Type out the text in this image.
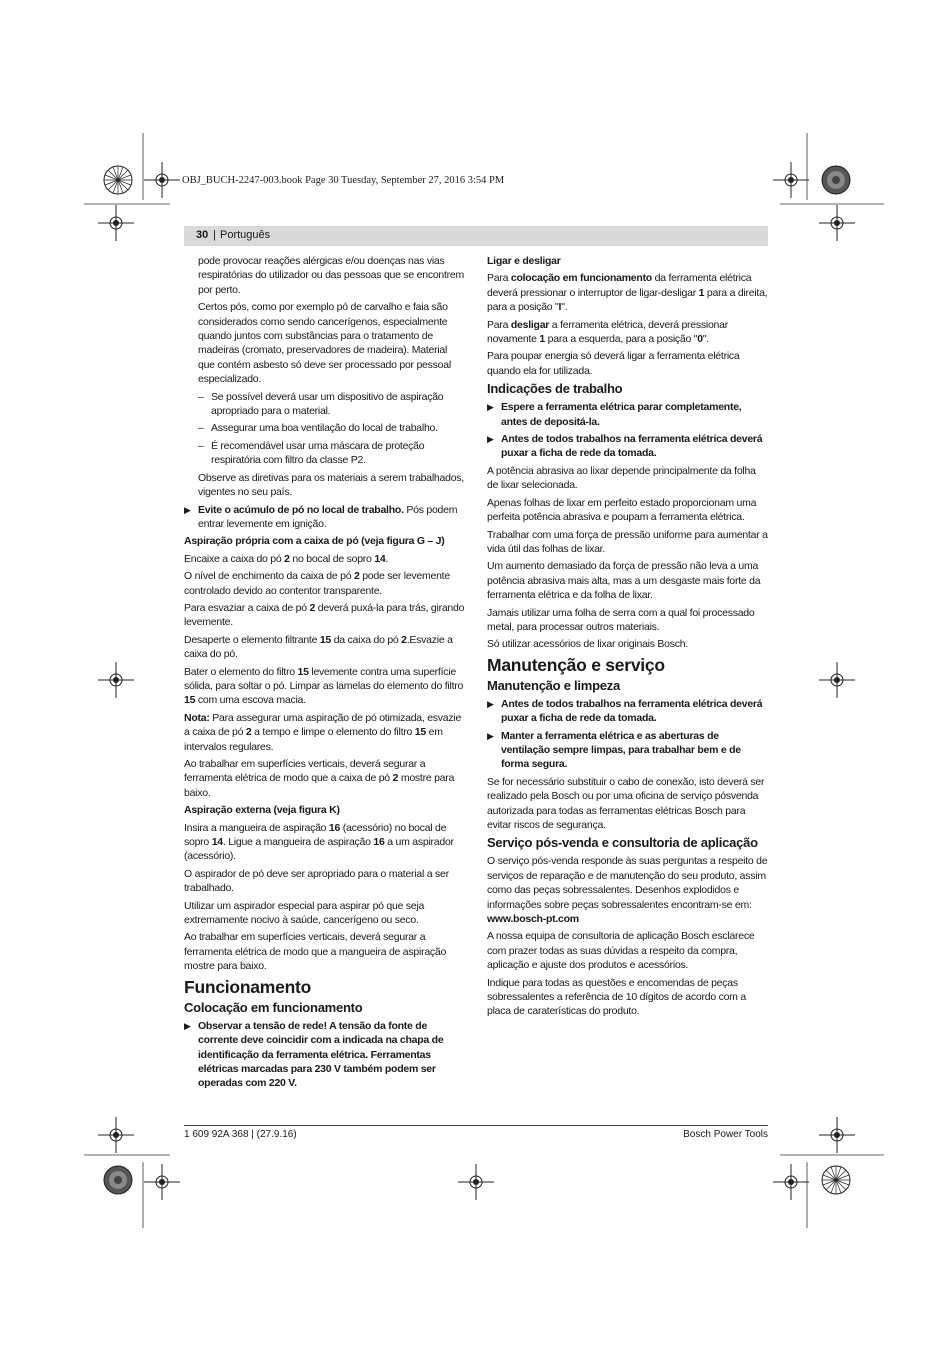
OBJ_BUCH-2247-003.book Page 30 Tuesday, September 27, 2016 3:54 PM
30 | Português

pode provocar reações alérgicas e/ou doenças nas vias respiratórias do utilizador ou das pessoas que se encontrem por perto.

Certos pós, como por exemplo pó de carvalho e faia são considerados como sendo cancerígenos, especialmente quando juntos com substâncias para o tratamento de madeiras (cromato, preservadores de madeira). Material que contém asbesto só deve ser processado por pessoal especializado.

– Se possível deverá usar um dispositivo de aspiração apropriado para o material.

– Assegurar uma boa ventilação do local de trabalho.

– É recomendável usar uma máscara de proteção respiratória com filtro da classe P2.

Observe as diretivas para os materiais a serem trabalhados, vigentes no seu país.

▶ Evite o acúmulo de pó no local de trabalho. Pós podem entrar levemente em ignição.

Aspiração própria com a caixa de pó (veja figura G – J)

Encaixe a caixa do pó 2 no bocal de sopro 14.

O nível de enchimento da caixa de pó 2 pode ser levemente controlado devido ao contentor transparente.

Para esvaziar a caixa de pó 2 deverá puxá-la para trás, girando levemente.

Desaperte o elemento filtrante 15 da caixa do pó 2.Esvazie a caixa do pó.

Bater o elemento do filtro 15 levemente contra uma superfície sólida, para soltar o pó. Limpar as lamelas do elemento do filtro 15 com uma escova macia.

Nota: Para assegurar uma aspiração de pó otimizada, esvazie a caixa de pó 2 a tempo e limpe o elemento do filtro 15 em intervalos regulares.

Ao trabalhar em superfícies verticais, deverá segurar a ferramenta elétrica de modo que a caixa de pó 2 mostre para baixo.

Aspiração externa (veja figura K)

Insira a mangueira de aspiração 16 (acessório) no bocal de sopro 14. Ligue a mangueira de aspiração 16 a um aspirador (acessório).

O aspirador de pó deve ser apropriado para o material a ser trabalhado.

Utilizar um aspirador especial para aspirar pó que seja extremamente nocivo à saúde, cancerígeno ou seco.

Ao trabalhar em superfícies verticais, deverá segurar a ferramenta elétrica de modo que a mangueira de aspiração mostre para baixo.

Funcionamento

Colocação em funcionamento

▶ Observar a tensão de rede! A tensão da fonte de corrente deve coincidir com a indicada na chapa de identificação da ferramenta elétrica. Ferramentas elétricas marcadas para 230 V também podem ser operadas com 220 V.

Ligar e desligar

Para colocação em funcionamento da ferramenta elétrica deverá pressionar o interruptor de ligar-desligar 1 para a direita, para a posição "I".

Para desligar a ferramenta elétrica, deverá pressionar novamente 1 para a esquerda, para a posição "0".

Para poupar energia só deverá ligar a ferramenta elétrica quando ela for utilizada.

Indicações de trabalho

▶ Espere a ferramenta elétrica parar completamente, antes de depositá-la.

▶ Antes de todos trabalhos na ferramenta elétrica deverá puxar a ficha de rede da tomada.

A potência abrasiva ao lixar depende principalmente da folha de lixar selecionada.

Apenas folhas de lixar em perfeito estado proporcionam uma perfeita potência abrasiva e poupam a ferramenta elétrica.

Trabalhar com uma força de pressão uniforme para aumentar a vida útil das folhas de lixar.

Um aumento demasiado da força de pressão não leva a uma potência abrasiva mais alta, mas a um desgaste mais forte da ferramenta elétrica e da folha de lixar.

Jamais utilizar uma folha de serra com a qual foi processado metal, para processar outros materiais.

Só utilizar acessórios de lixar originais Bosch.

Manutenção e serviço

Manutenção e limpeza

▶ Antes de todos trabalhos na ferramenta elétrica deverá puxar a ficha de rede da tomada.

▶ Manter a ferramenta elétrica e as aberturas de ventilação sempre limpas, para trabalhar bem e de forma segura.

Se for necessário substituir o cabo de conexão, isto deverá ser realizado pela Bosch ou por uma oficina de serviço pósvenda autorizada para todas as ferramentas elétricas Bosch para evitar riscos de segurança.

Serviço pós-venda e consultoria de aplicação

O serviço pós-venda responde às suas perguntas a respeito de serviços de reparação e de manutenção do seu produto, assim como das peças sobressalentes. Desenhos explodidos e informações sobre peças sobressalentes encontram-se em:

www.bosch-pt.com

A nossa equipa de consultoria de aplicação Bosch esclarece com prazer todas as suas dúvidas a respeito da compra, aplicação e ajuste dos produtos e acessórios.

Indique para todas as questões e encomendas de peças sobressalentes a referência de 10 dígitos de acordo com a placa de caraterísticas do produto.

1 609 92A 368 | (27.9.16)	Bosch Power Tools
